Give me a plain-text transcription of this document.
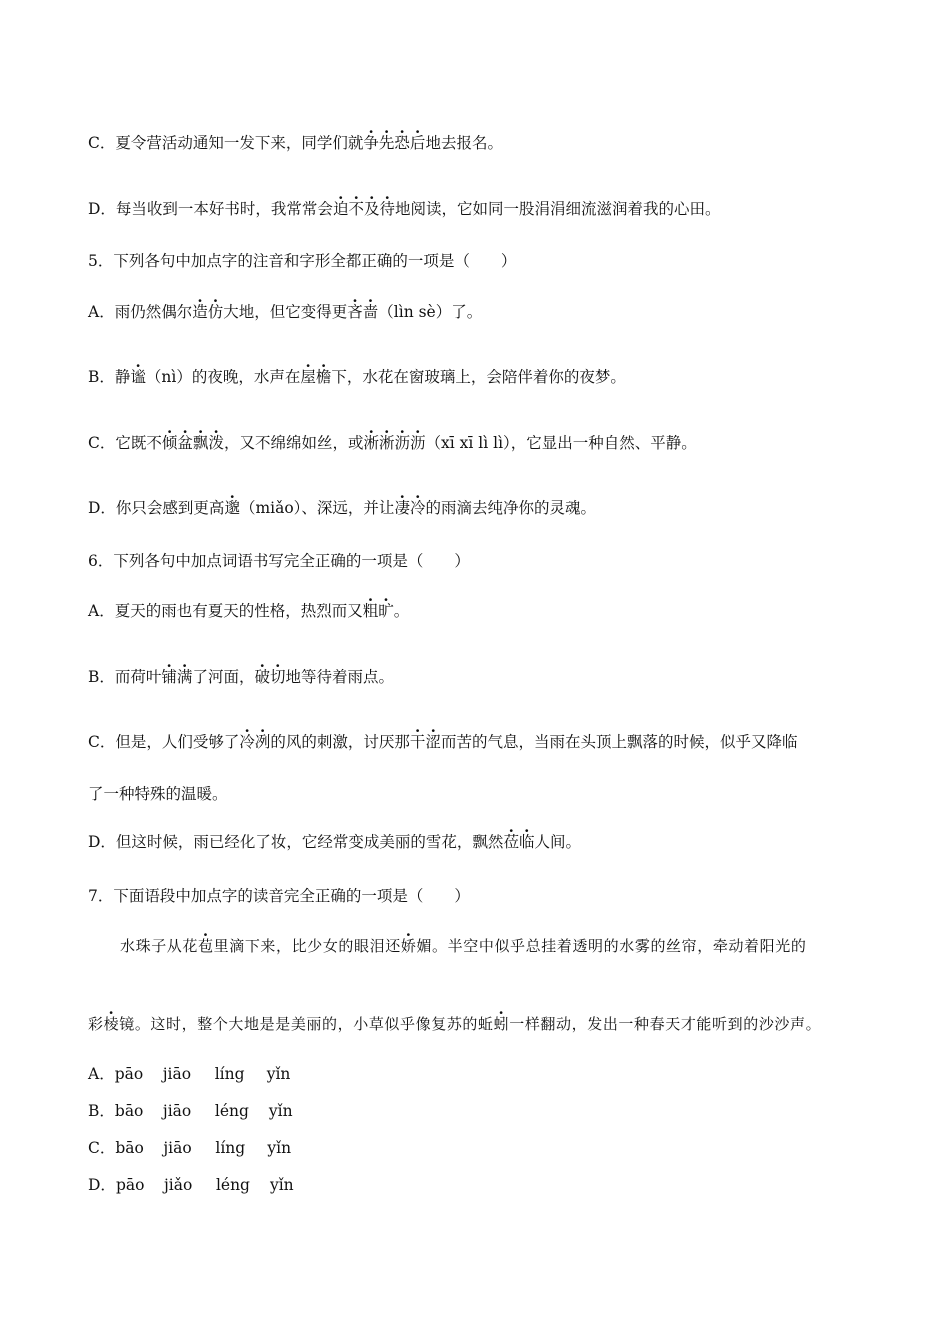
C．夏令营活动通知一发下来，同学们就争先恐后地去报名。
D．每当收到一本好书时，我常常会迫不及待地阅读，它如同一股涓涓细流滋润着我的心田。
5．下列各句中加点字的注音和字形全都正确的一项是（　　）
A．雨仍然偶尔造仿大地，但它变得更吝啬（lìn sè）了。
B．静谧（nì）的夜晚，水声在屋檐下，水花在窗玻璃上，会陪伴着你的夜梦。
C．它既不倾盆飘泼，又不绵绵如丝，或淅淅沥沥（xī xī lì lì），它显出一种自然、平静。
D．你只会感到更高邈（miǎo）、深远，并让凄冷的雨滴去纯净你的灵魂。
6．下列各句中加点词语书写完全正确的一项是（　　）
A．夏天的雨也有夏天的性格，热烈而又粗旷。
B．而荷叶铺满了河面，破切地等待着雨点。
C．但是，人们受够了冷冽的风的刺激，讨厌那干涩而苦的气息，当雨在头顶上飘落的时候，似乎又降临
了一种特殊的温暖。
D．但这时候，雨已经化了妆，它经常变成美丽的雪花，飘然莅临人间。
7．下面语段中加点字的读音完全正确的一项是（　　）
水珠子从花苞里滴下来，比少女的眼泪还娇媚。半空中似乎总挂着透明的水雾的丝帘，牵动着阳光的
彩棱镜。这时，整个大地是是美丽的，小草似乎像复苏的蚯蚓一样翻动，发出一种春天才能听到的沙沙声。
A．pāo jiāo líng yǐn
B．bāo jiāo léng yǐn
C．bāo jiāo líng yǐn
D．pāo jiǎo léng yǐn
